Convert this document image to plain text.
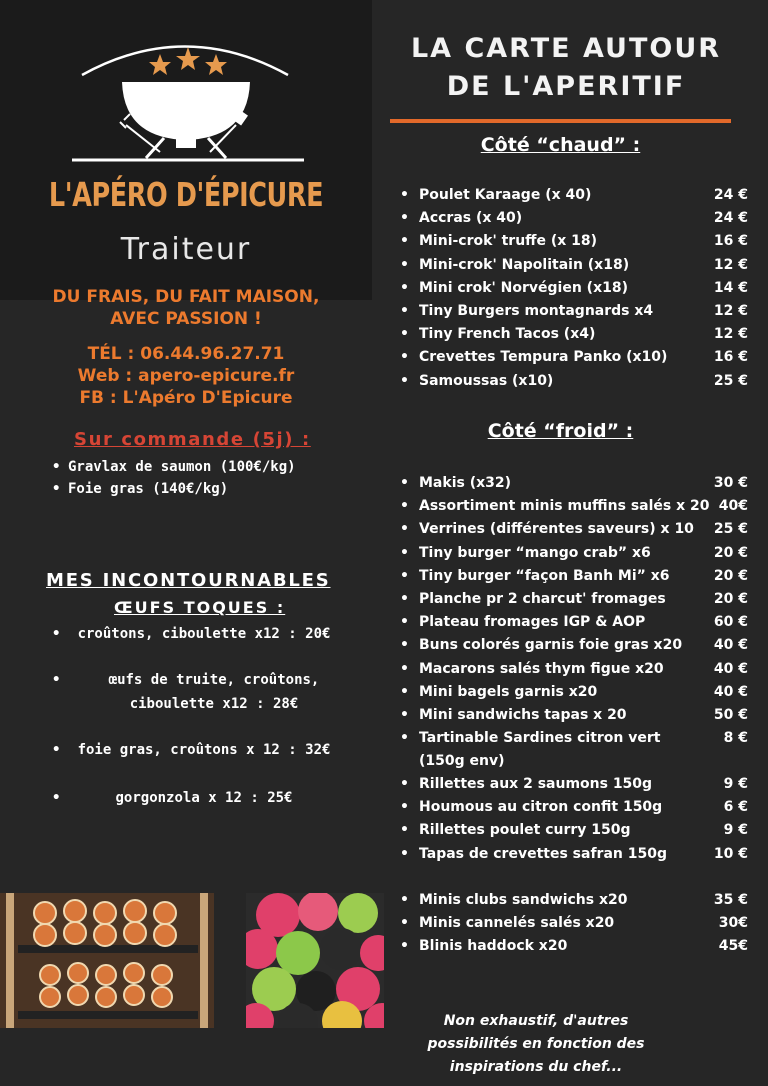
L'APÉRO D'ÉPICURE
Traiteur
DU FRAIS, DU FAIT MAISON,
AVEC PASSION !
TÉL : 06.44.96.27.71
Web : apero-epicure.fr
FB : L'Apéro D'Epicure
Sur commande (5j) :
• Gravlax de saumon (100€/kg)
• Foie gras (140€/kg)
MES INCONTOURNABLES
ŒUFS TOQUES :
• croûtons, ciboulette x12 : 20€
•	œufs de truite, croûtons, ciboulette x12 : 28€
• foie gras, croûtons x 12 : 32€
•	gorgonzola x 12 : 25€
LA CARTE AUTOUR
DE L'APERITIF
Côté “chaud” :
• Poulet Karaage (x 40)	24 €
• Accras (x 40)	24 €
• Mini-crok' truffe (x 18)	16 €
• Mini-crok' Napolitain (x18)	12 €
• Mini crok' Norvégien (x18)	14 €
• Tiny Burgers montagnards x4	12 €
• Tiny French Tacos (x4)	12 €
• Crevettes Tempura Panko (x10)	16 €
• Samoussas (x10)	25 €
Côté “froid” :
• Makis (x32)	30 €
• Assortiment minis muffins salés x 20 40€
• Verrines (différentes saveurs) x 10 25 €
• Tiny burger “mango crab” x6	20 €
• Tiny burger “façon Banh Mi” x6	20 €
• Planche pr 2 charcut' fromages	20 €
• Plateau fromages IGP & AOP	60 €
• Buns colorés garnis foie gras x20 40 €
• Macarons salés thym figue x20	40 €
• Mini bagels garnis x20	40 €
• Mini sandwichs tapas x 20	50 €
• Tartinable Sardines citron vert (150g env)
8 €
• Rillettes aux 2 saumons 150g	9 €
• Houmous au citron confit 150g	6 €
• Rillettes poulet curry 150g	9 €
• Tapas de crevettes safran 150g	10 €
• Minis clubs sandwichs x20	35 €
• Minis cannelés salés x20	30€
• Blinis haddock x20	45€
Non exhaustif, d'autres
possibilités en fonction des
inspirations du chef...
